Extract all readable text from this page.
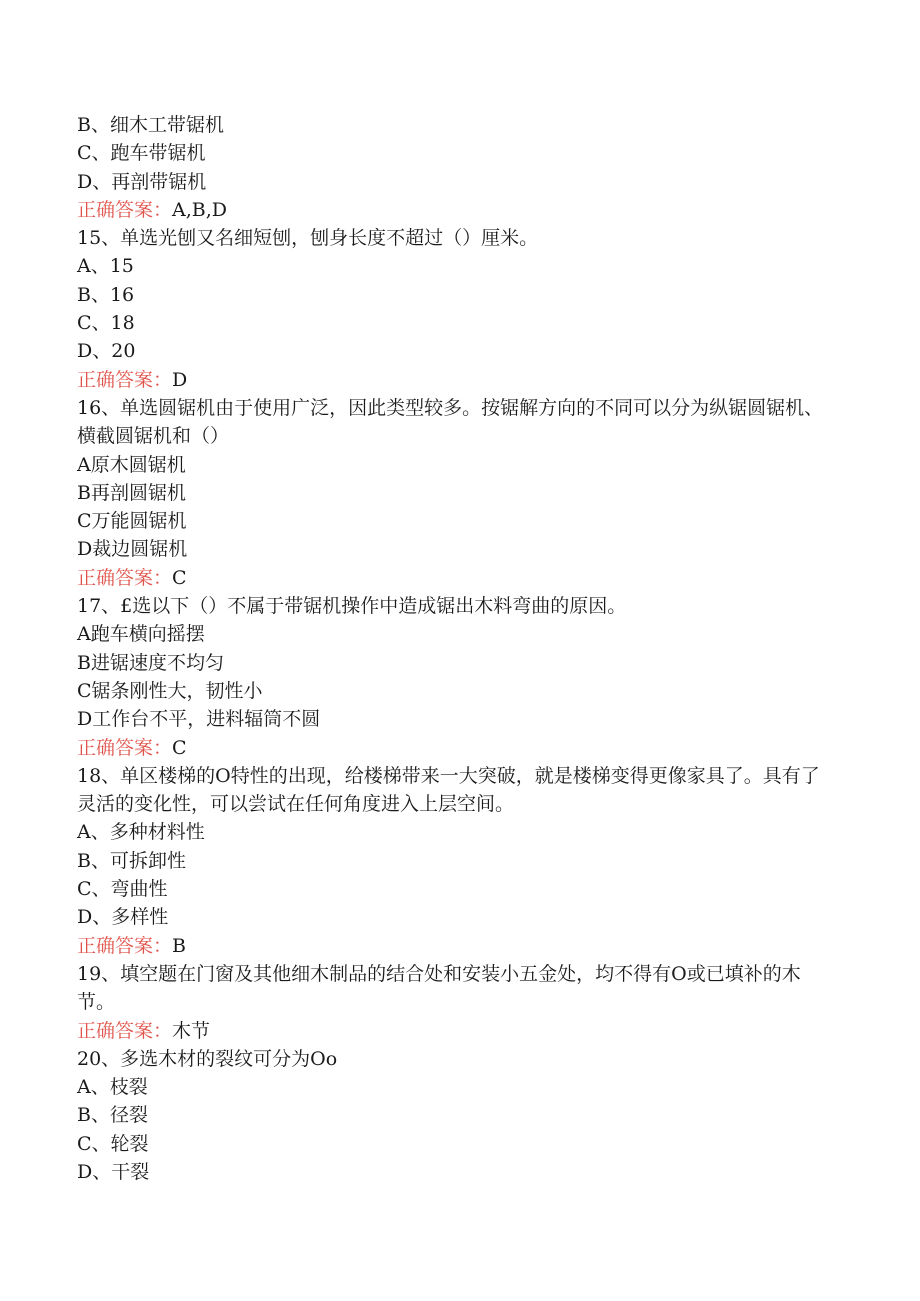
B、细木工带锯机

C、跑车带锯机

D、再剖带锯机

正确答案：A,B,D

15、单选光刨又名细短刨，刨身长度不超过（）厘米。

A、15

B、16

C、18

D、20

正确答案：D

16、单选圆锯机由于使用广泛，因此类型较多。按锯解方向的不同可以分为纵锯圆锯机、横截圆锯机和（）

A原木圆锯机

B再剖圆锯机

C万能圆锯机

D裁边圆锯机

正确答案：C

17、£选以下（）不属于带锯机操作中造成锯出木料弯曲的原因。

A跑车横向摇摆

B进锯速度不均匀

C锯条刚性大，韧性小

D工作台不平，进料辐筒不圆

正确答案：C

18、单区楼梯的O特性的出现，给楼梯带来一大突破，就是楼梯变得更像家具了。具有了灵活的变化性，可以尝试在任何角度进入上层空间。

A、多种材料性

B、可拆卸性

C、弯曲性

D、多样性

正确答案：B

19、填空题在门窗及其他细木制品的结合处和安装小五金处，均不得有O或已填补的木节。

正确答案：木节

20、多选木材的裂纹可分为Oo

A、枝裂

B、径裂

C、轮裂

D、干裂
